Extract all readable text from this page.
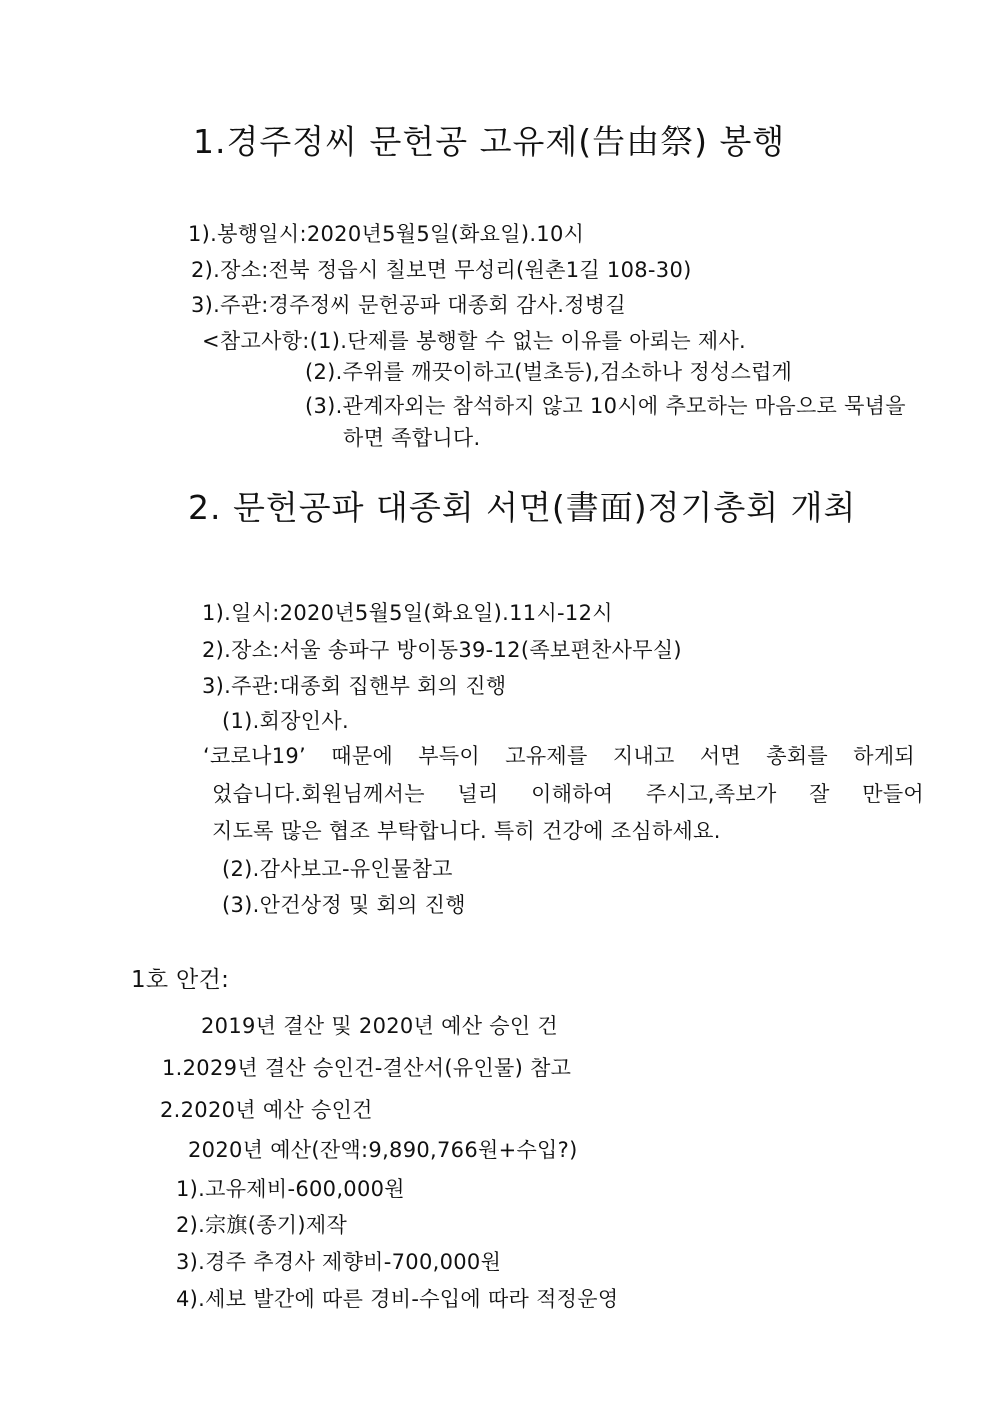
1.경주정씨 문헌공 고유제(告由祭) 봉행
1).봉행일시:2020년5월5일(화요일).10시
2).장소:전북 정읍시 칠보면 무성리(원촌1길 108-30)
3).주관:경주정씨 문헌공파 대종회 감사.정병길
<참고사항:(1).단제를 봉행할 수 없는 이유를 아뢰는 제사.
(2).주위를 깨끗이하고(벌초등),검소하나 정성스럽게
(3).관계자외는 참석하지 않고 10시에 추모하는 마음으로 묵념을
하면 족합니다.
2. 문헌공파 대종회 서면(書面)정기총회 개최
1).일시:2020년5월5일(화요일).11시-12시
2).장소:서울 송파구 방이동39-12(족보편찬사무실)
3).주관:대종회 집핸부 회의 진행
(1).회장인사.
‘코로나19’ 때문에 부득이 고유제를 지내고 서면 총회를 하게되
었습니다.회원님께서는 널리 이해하여 주시고,족보가 잘 만들어
지도록 많은 협조 부탁합니다. 특히 건강에 조심하세요.
(2).감사보고-유인물참고
(3).안건상정 및 회의 진행
1호 안건:
2019년 결산 및 2020년 예산 승인 건
1.2029년 결산 승인건-결산서(유인물) 참고
2.2020년 예산 승인건
2020년 예산(잔액:9,890,766원+수입?)
1).고유제비-600,000원
2).宗旗(종기)제작
3).경주 추경사 제향비-700,000원
4).세보 발간에 따른 경비-수입에 따라 적정운영
